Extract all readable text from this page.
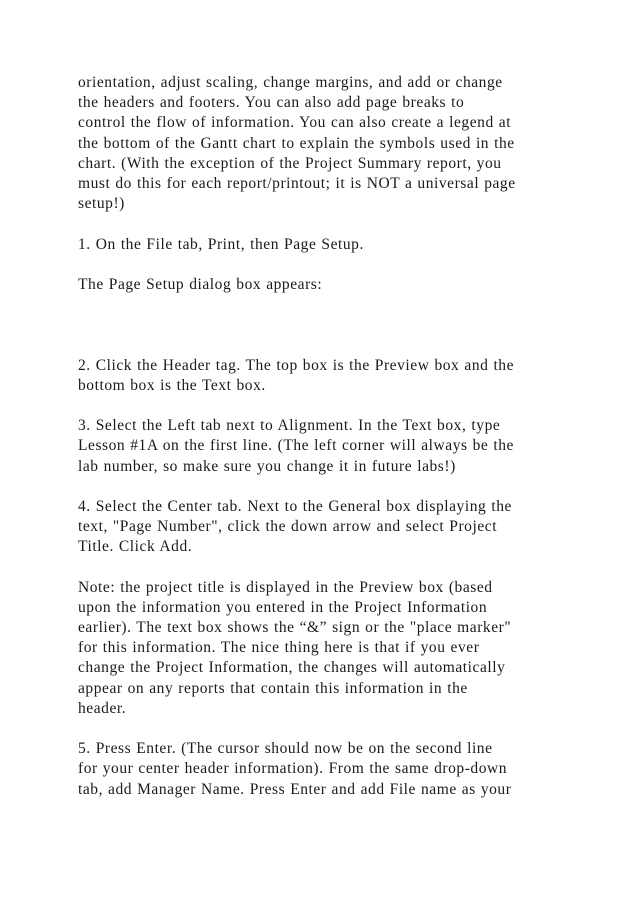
orientation, adjust scaling, change margins, and add or change
the headers and footers. You can also add page breaks to
control the flow of information. You can also create a legend at
the bottom of the Gantt chart to explain the symbols used in the
chart. (With the exception of the Project Summary report, you
must do this for each report/printout; it is NOT a universal page
setup!)
1. On the File tab, Print, then Page Setup.
The Page Setup dialog box appears:
2. Click the Header tag. The top box is the Preview box and the
bottom box is the Text box.
3. Select the Left tab next to Alignment. In the Text box, type
Lesson #1A on the first line. (The left corner will always be the
lab number, so make sure you change it in future labs!)
4. Select the Center tab. Next to the General box displaying the
text, "Page Number", click the down arrow and select Project
Title. Click Add.
Note: the project title is displayed in the Preview box (based
upon the information you entered in the Project Information
earlier). The text box shows the “&” sign or the "place marker"
for this information. The nice thing here is that if you ever
change the Project Information, the changes will automatically
appear on any reports that contain this information in the
header.
5. Press Enter. (The cursor should now be on the second line
for your center header information). From the same drop-down
tab, add Manager Name. Press Enter and add File name as your
